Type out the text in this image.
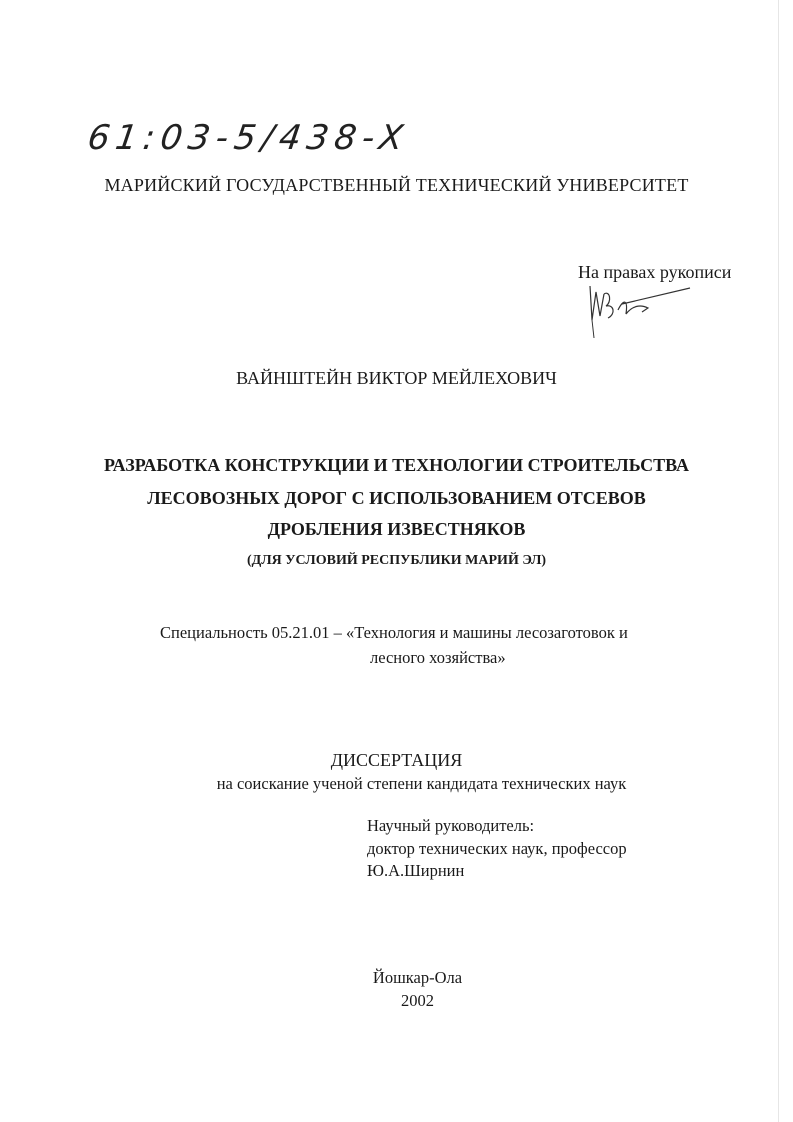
61:03-5/438-X
МАРИЙСКИЙ ГОСУДАРСТВЕННЫЙ ТЕХНИЧЕСКИЙ УНИВЕРСИТЕТ
На правах рукописи
ВАЙНШТЕЙН ВИКТОР МЕЙЛЕХОВИЧ
РАЗРАБОТКА КОНСТРУКЦИИ И ТЕХНОЛОГИИ СТРОИТЕЛЬСТВА
ЛЕСОВОЗНЫХ ДОРОГ С ИСПОЛЬЗОВАНИЕМ ОТСЕВОВ
ДРОБЛЕНИЯ ИЗВЕСТНЯКОВ
(ДЛЯ УСЛОВИЙ РЕСПУБЛИКИ МАРИЙ ЭЛ)
Специальность 05.21.01 – «Технология и машины лесозаготовок и
лесного хозяйства»
ДИССЕРТАЦИЯ
на соискание ученой степени кандидата технических наук
Научный руководитель:
доктор технических наук, профессор
Ю.А.Ширнин
Йошкар-Ола
2002
